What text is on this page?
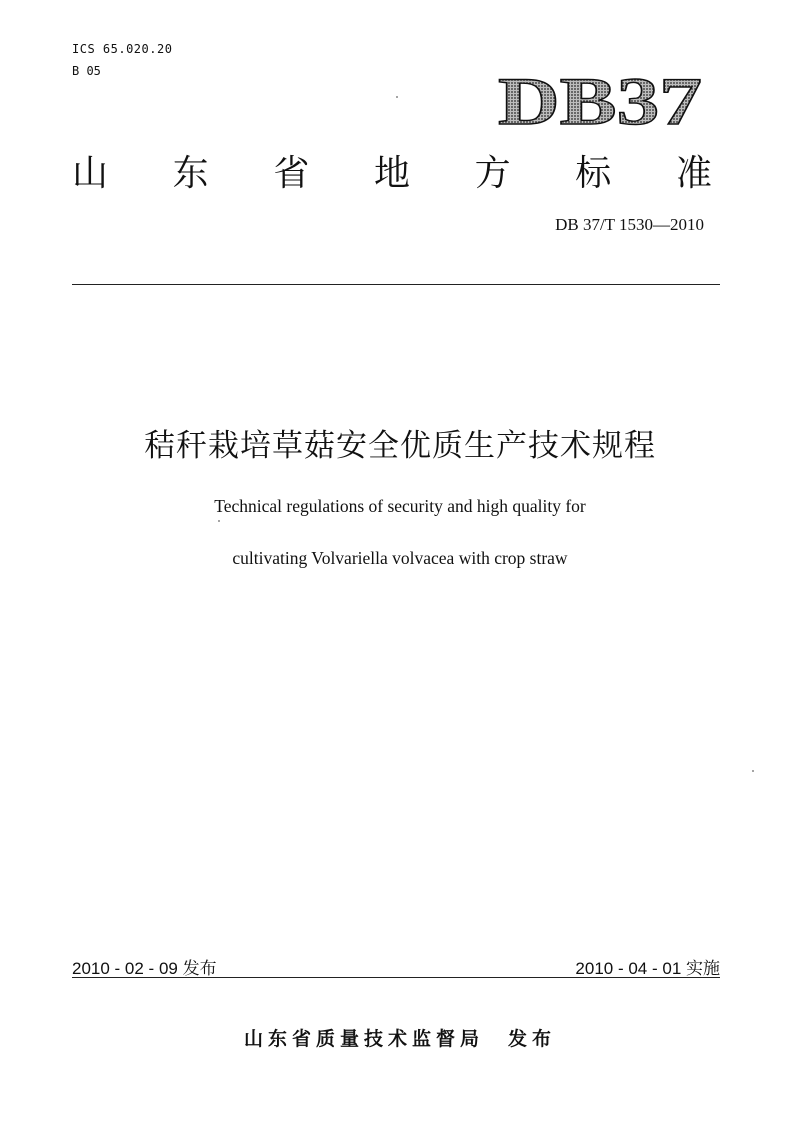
ICS 65.020.20
B 05	DB37
山 东 省 地 方 标 准
DB 37/T 1530—2010
秸秆栽培草菇安全优质生产技术规程
Technical regulations of security and high quality for
cultivating Volvariella volvacea with crop straw
2010 - 02 - 09 发布	2010 - 04 - 01 实施
山东省质量技术监督局 发布
